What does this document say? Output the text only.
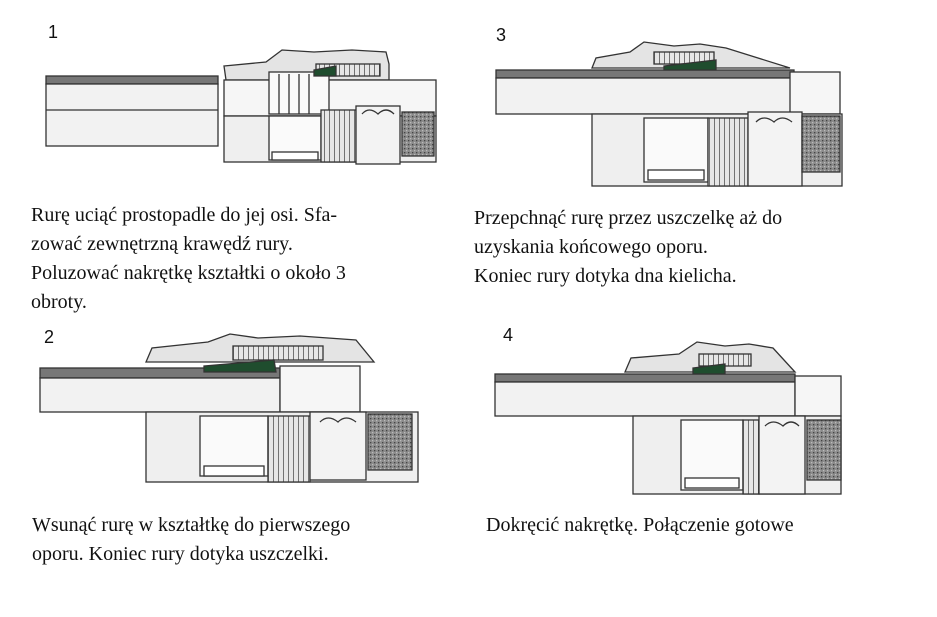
1

Rurę uciąć prostopadle do jej osi. Sfa-

zować zewnętrzną krawędź rury.

Poluzować nakrętkę kształtki o około 3

obroty.

2

Wsunąć rurę w kształtkę do pierwszego

oporu. Koniec rury dotyka uszczelki.

3

Przepchnąć rurę przez uszczelkę aż do

uzyskania końcowego oporu.

Koniec rury dotyka dna kielicha.

4

Dokręcić nakrętkę. Połączenie gotowe
